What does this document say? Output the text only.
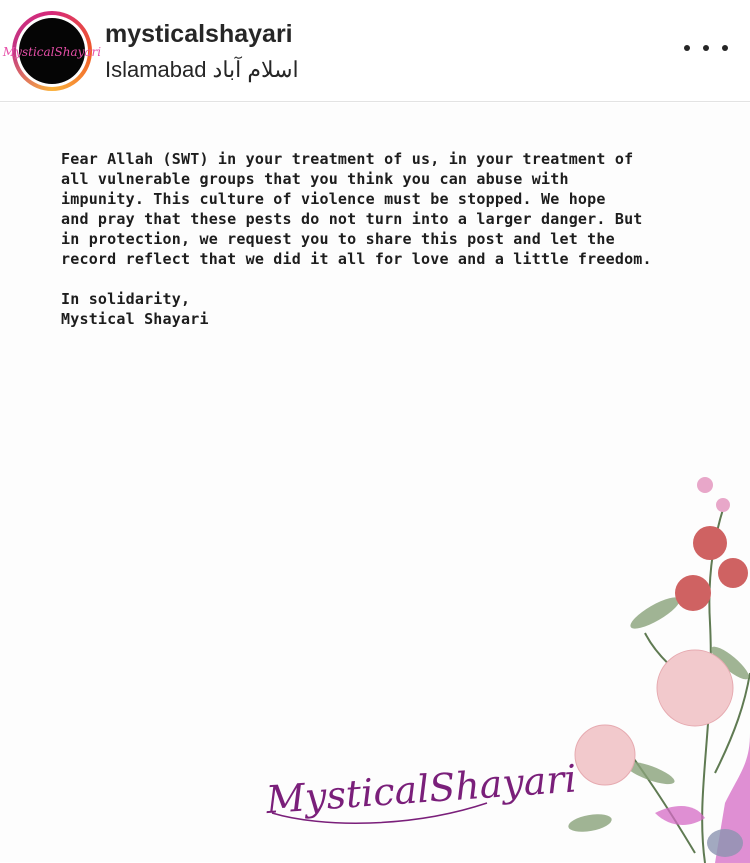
MysticalShayari
mysticalshayari
Islamabad اسلام آباد

Fear Allah (SWT) in your treatment of us, in your treatment of

all vulnerable groups that you think you can abuse with

impunity. This culture of violence must be stopped. We hope

and pray that these pests do not turn into a larger danger. But

in protection, we request you to share this post and let the

record reflect that we did it all for love and a little freedom.

In solidarity,

Mystical Shayari

MysticalShayari
